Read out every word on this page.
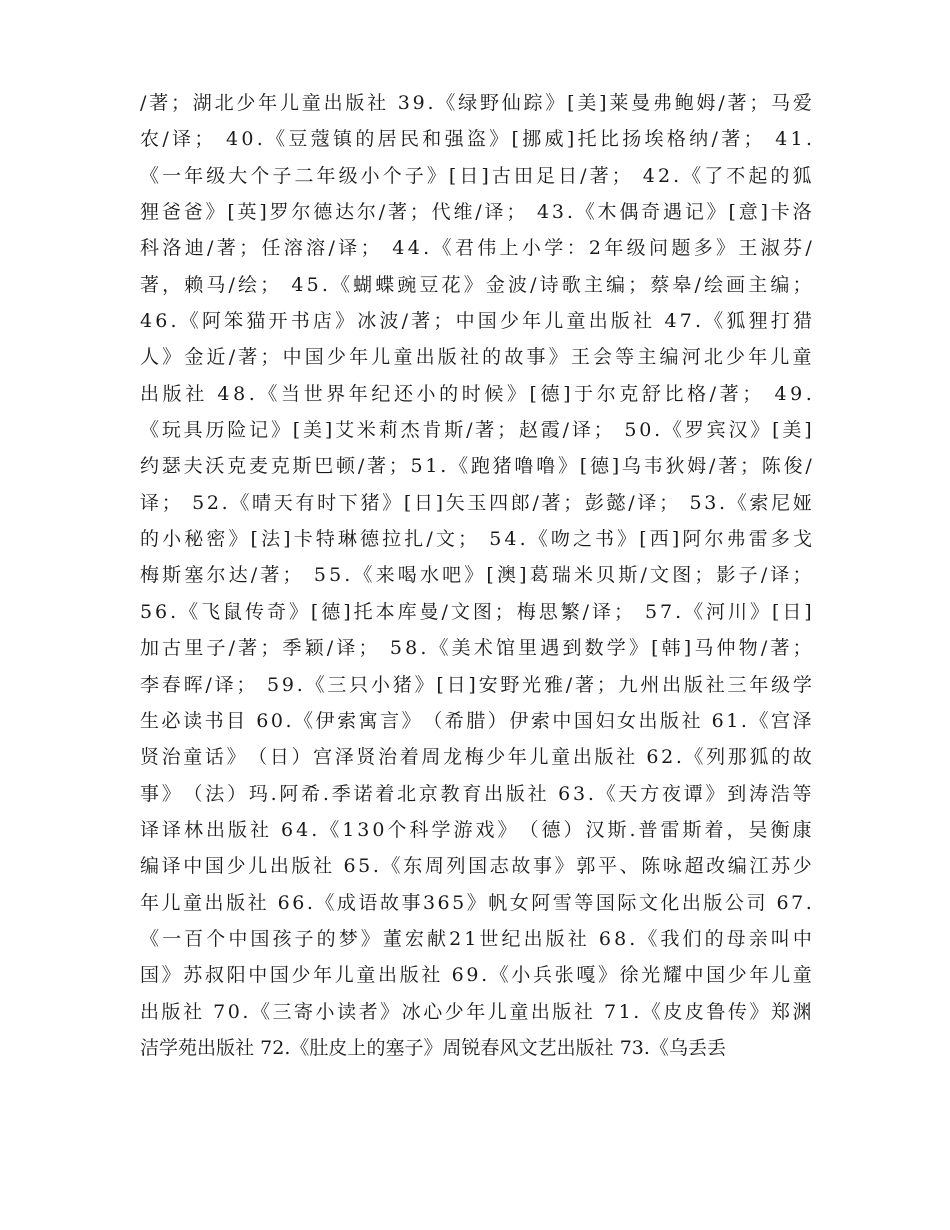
/ 著 ； 湖 北 少 年 儿 童 出 版 社
3 9 . 《 绿 野 仙 踪 》 [ 美 ] 莱 曼 弗 鲍 姆 / 著 ； 马 爱
农 / 译 ；
4 0 . 《 豆 蔻 镇 的 居 民 和 强 盗 》 [ 挪 威 ] 托 比 扬 埃 格 纳 / 著 ；
4 1 .
《 一 年 级 大 个 子 二 年 级 小 个 子 》 [ 日 ] 古 田 足 日 / 著 ；
4 2 . 《 了 不 起 的 狐
狸 爸 爸 》 [ 英 ] 罗 尔 德 达 尔 / 著 ； 代 维 / 译 ；
4 3 . 《 木 偶 奇 遇 记 》 [ 意 ] 卡 洛
科 洛 迪 / 著 ； 任 溶 溶 / 译 ；
4 4 . 《 君 伟 上 小 学 ： 2 年 级 问 题 多 》 王 淑 芬 /
著 ， 赖 马 / 绘 ；
4 5 . 《 蝴 蝶 豌 豆 花 》 金 波 / 诗 歌 主 编 ； 蔡 皋 / 绘 画 主 编 ；
4 6 . 《 阿 笨 猫 开 书 店 》 冰 波 / 著 ； 中 国 少 年 儿 童 出 版 社
4 7 . 《 狐 狸 打 猎
人 》 金 近 / 著 ； 中 国 少 年 儿 童 出 版 社 的 故 事 》 王 会 等 主 编 河 北 少 年 儿 童
出 版 社
4 8 . 《 当 世 界 年 纪 还 小 的 时 候 》 [ 德 ] 于 尔 克 舒 比 格 / 著 ；
4 9 .
《 玩 具 历 险 记 》 [ 美 ] 艾 米 莉 杰 肯 斯 / 著 ； 赵 霞 / 译 ；
5 0 . 《 罗 宾 汉 》 [ 美 ]
约 瑟 夫 沃 克 麦 克 斯 巴 顿 / 著 ； 5 1 . 《 跑 猪 噜 噜 》 [ 德 ] 乌 韦 狄 姆 / 著 ； 陈 俊 /
译 ；
5 2 . 《 晴 天 有 时 下 猪 》 [ 日 ] 矢 玉 四 郎 / 著 ； 彭 懿 / 译 ；
5 3 . 《 索 尼 娅
的 小 秘 密 》 [ 法 ] 卡 特 琳 德 拉 扎 / 文 ；
5 4 . 《 吻 之 书 》 [ 西 ] 阿 尔 弗 雷 多 戈
梅 斯 塞 尔 达 / 著 ；
5 5 . 《 来 喝 水 吧 》 [ 澳 ] 葛 瑞 米 贝 斯 / 文 图 ； 影 子 / 译 ；
5 6 . 《 飞 鼠 传 奇 》 [ 德 ] 托 本 库 曼 / 文 图 ； 梅 思 繁 / 译 ；
5 7 . 《 河 川 》 [ 日 ]
加 古 里 子 / 著 ； 季 颖 / 译 ；
5 8 . 《 美 术 馆 里 遇 到 数 学 》 [ 韩 ] 马 仲 物 / 著 ；
李 春 晖 / 译 ；
5 9 . 《 三 只 小 猪 》 [ 日 ] 安 野 光 雅 / 著 ； 九 州 出 版 社 三 年 级 学
生 必 读 书 目
6 0 . 《 伊 索 寓 言 》 （ 希 腊 ） 伊 索 中 国 妇 女 出 版 社
6 1 . 《 宫 泽
贤 治 童 话 》 （ 日 ） 宫 泽 贤 治 着 周 龙 梅 少 年 儿 童 出 版 社
6 2 . 《 列 那 狐 的 故
事 》 （ 法 ） 玛 . 阿 希 . 季 诺 着 北 京 教 育 出 版 社
6 3 . 《 天 方 夜 谭 》 到 涛 浩 等
译 译 林 出 版 社
6 4 . 《 1 3 0 个 科 学 游 戏 》 （ 德 ） 汉 斯 . 普 雷 斯 着 ， 吴 衡 康
编 译 中 国 少 儿 出 版 社
6 5 . 《 东 周 列 国 志 故 事 》 郭 平 、 陈 咏 超 改 编 江 苏 少
年 儿 童 出 版 社
6 6 . 《 成 语 故 事 3 6 5 》 帆 女 阿 雪 等 国 际 文 化 出 版 公 司
6 7 .
《 一 百 个 中 国 孩 子 的 梦 》 董 宏 献 2 1 世 纪 出 版 社
6 8 . 《 我 们 的 母 亲 叫 中
国 》 苏 叔 阳 中 国 少 年 儿 童 出 版 社
6 9 . 《 小 兵 张 嘎 》 徐 光 耀 中 国 少 年 儿 童
出 版 社
7 0 . 《 三 寄 小 读 者 》 冰 心 少 年 儿 童 出 版 社
7 1 . 《 皮 皮 鲁 传 》 郑 渊
洁 学 苑 出 版 社
7 2 . 《 肚 皮 上 的 塞 子 》 周 锐 春 风 文 艺 出 版 社
7 3 . 《 乌 丢 丢
